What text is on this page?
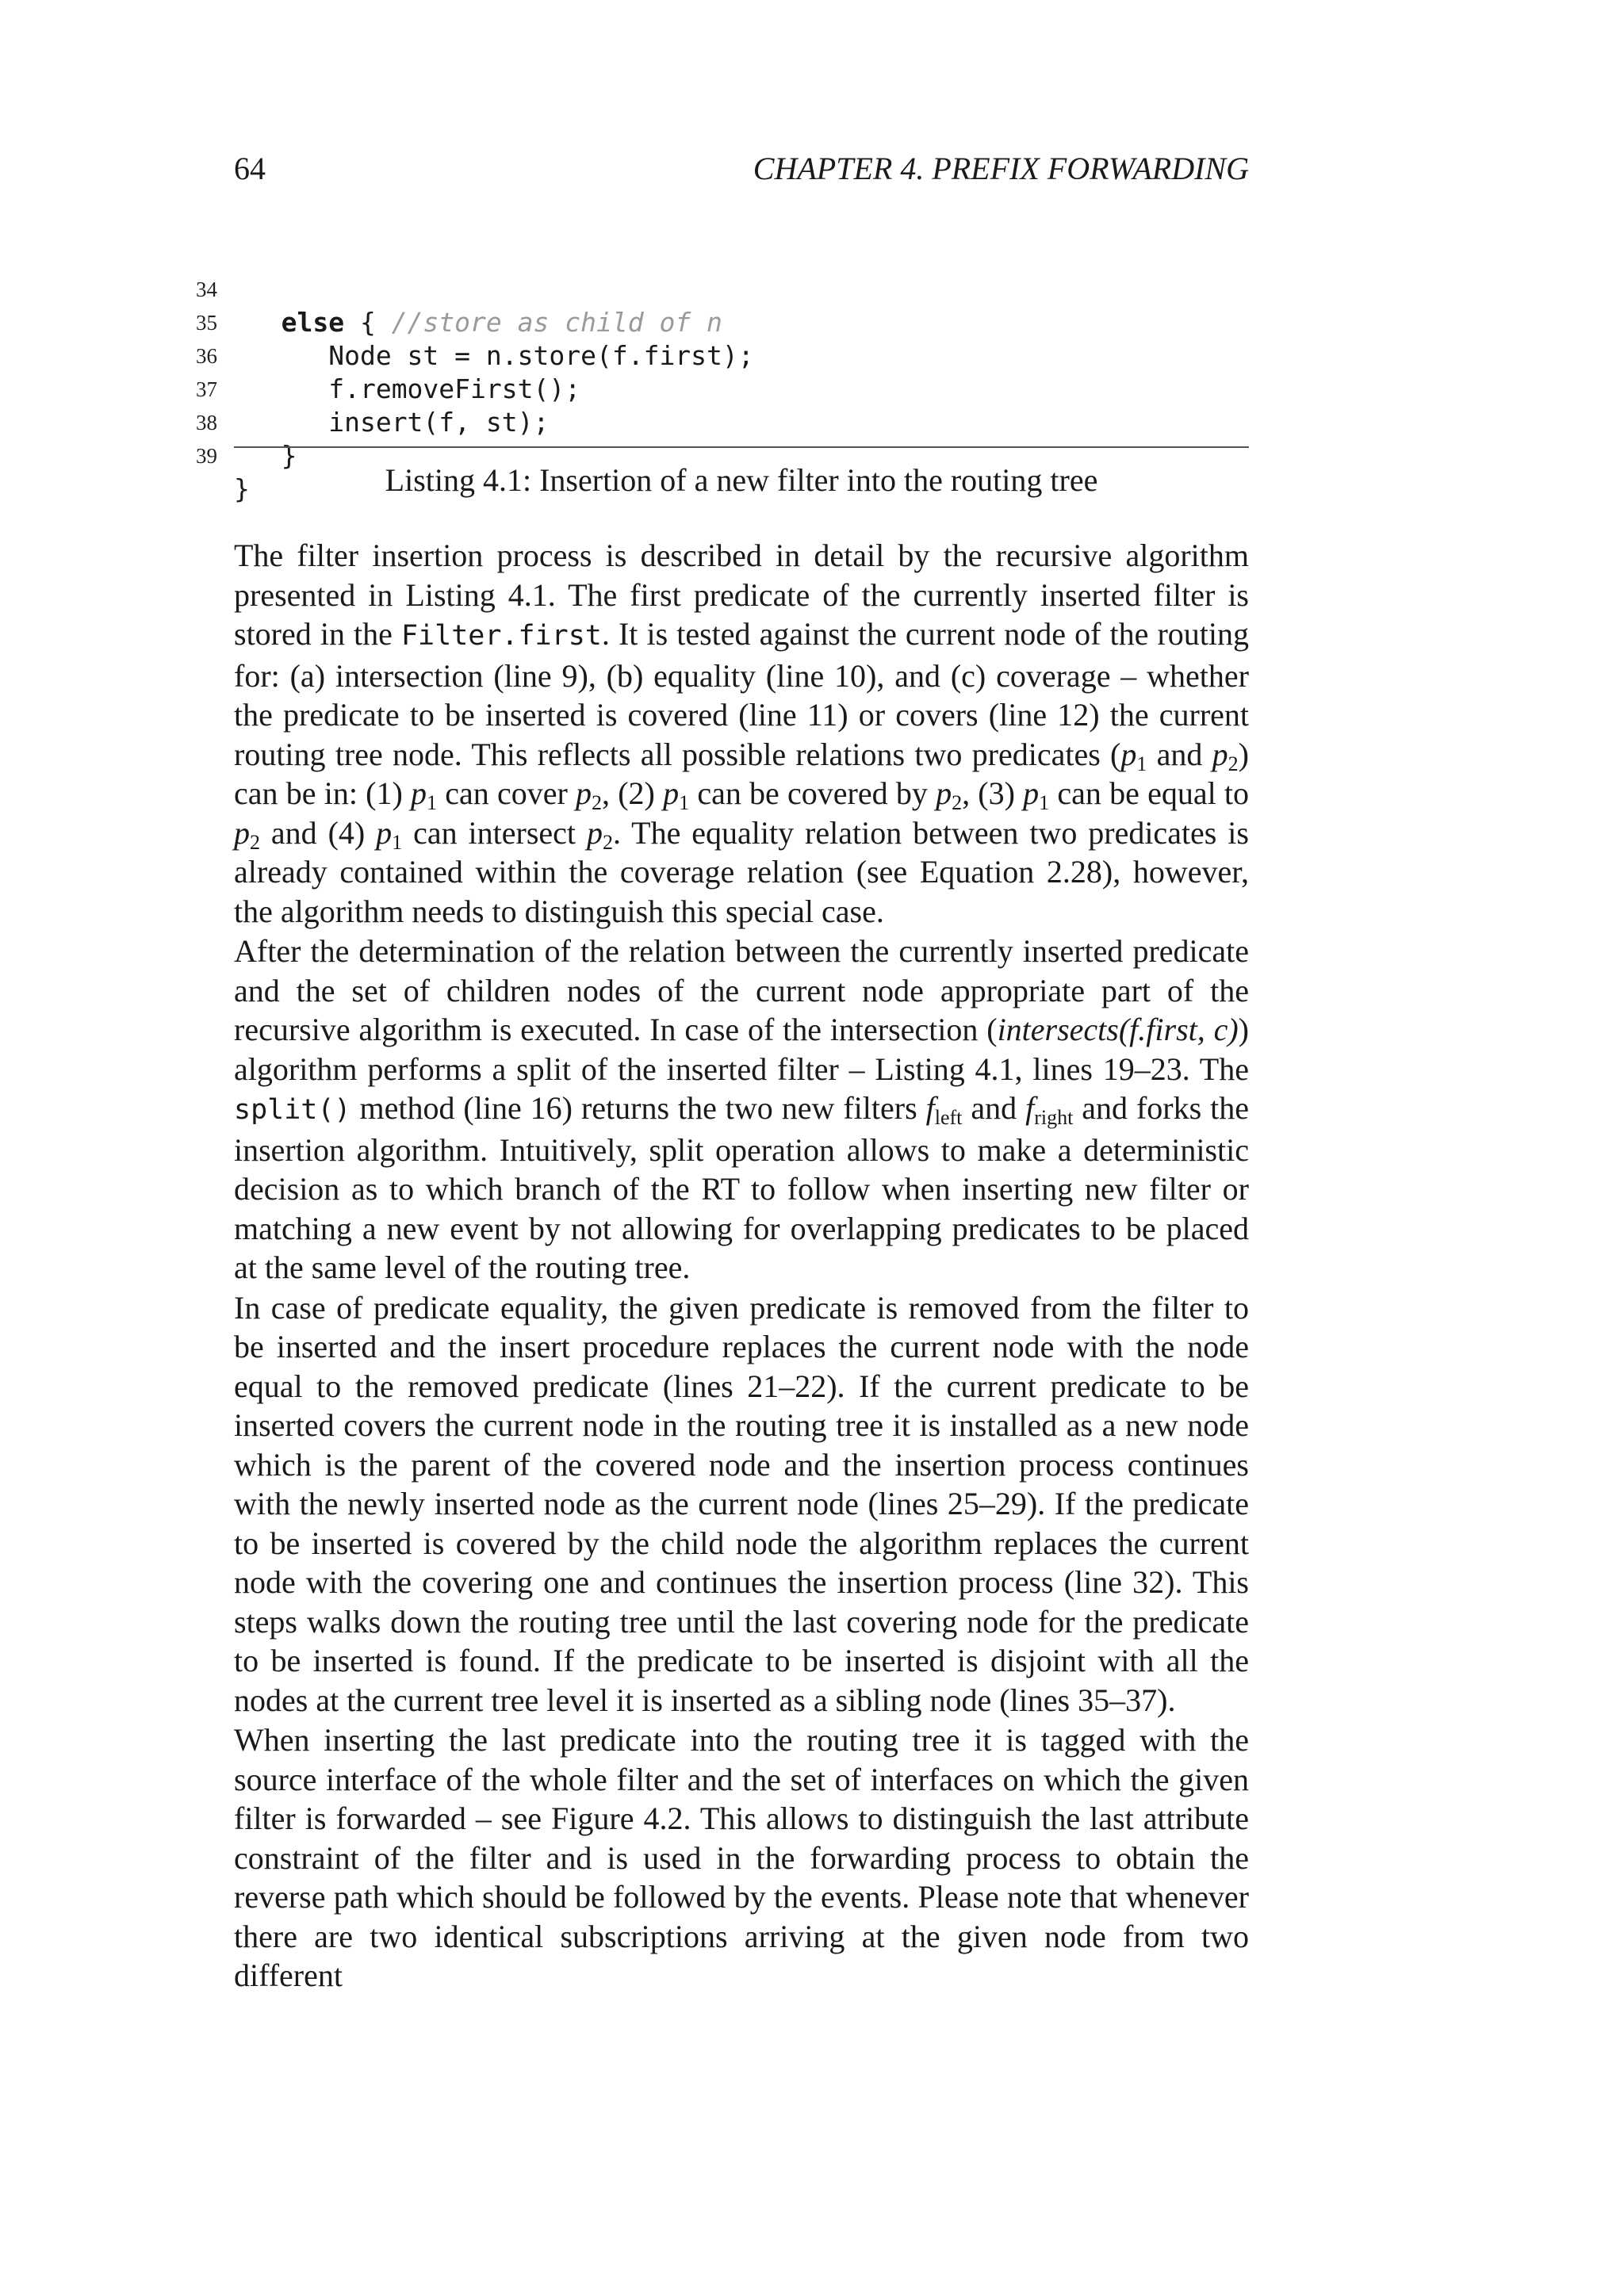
64	CHAPTER 4. PREFIX FORWARDING

34

else { //store as child of n

35

Node st = n.store(f.first);

36

f.removeFirst();

37

insert(f, st);

38

}

39

}

	Listing 4.1: Insertion of a new filter into the routing tree

The filter insertion process is described in detail by the recursive algorithm presented in Listing 4.1. The first predicate of the currently inserted filter is stored in the Filter.first. It is tested against the current node of the routing for: (a) intersection (line 9), (b) equality (line 10), and (c) coverage – whether the predicate to be inserted is covered (line 11) or covers (line 12) the current routing tree node. This reflects all possible relations two predicates ($p_1$ and $p_2$) can be in: (1) $p_1$ can cover $p_2$, (2) $p_1$ can be covered by $p_2$, (3) $p_1$ can be equal to $p_2$ and (4) $p_1$ can intersect $p_2$. The equality relation between two predicates is already contained within the coverage relation (see Equation 2.28), however, the algorithm needs to distinguish this special case.

After the determination of the relation between the currently inserted predicate and the set of children nodes of the current node appropriate part of the recursive algorithm is executed. In case of the intersection (intersects(f.first, c)) algorithm performs a split of the inserted filter – Listing 4.1, lines 19–23. The split() method (line 16) returns the two new filters $f_{left}$ and $f_{right}$ and forks the insertion algorithm. Intuitively, split operation allows to make a deterministic decision as to which branch of the RT to follow when inserting new filter or matching a new event by not allowing for overlapping predicates to be placed at the same level of the routing tree.

In case of predicate equality, the given predicate is removed from the filter to be inserted and the insert procedure replaces the current node with the node equal to the removed predicate (lines 21–22). If the current predicate to be inserted covers the current node in the routing tree it is installed as a new node which is the parent of the covered node and the insertion process continues with the newly inserted node as the current node (lines 25–29). If the predicate to be inserted is covered by the child node the algorithm replaces the current node with the covering one and continues the insertion process (line 32). This steps walks down the routing tree until the last covering node for the predicate to be inserted is found. If the predicate to be inserted is disjoint with all the nodes at the current tree level it is inserted as a sibling node (lines 35–37).

When inserting the last predicate into the routing tree it is tagged with the source interface of the whole filter and the set of interfaces on which the given filter is forwarded – see Figure 4.2. This allows to distinguish the last attribute constraint of the filter and is used in the forwarding process to obtain the reverse path which should be followed by the events. Please note that whenever there are two identical subscriptions arriving at the given node from two different
